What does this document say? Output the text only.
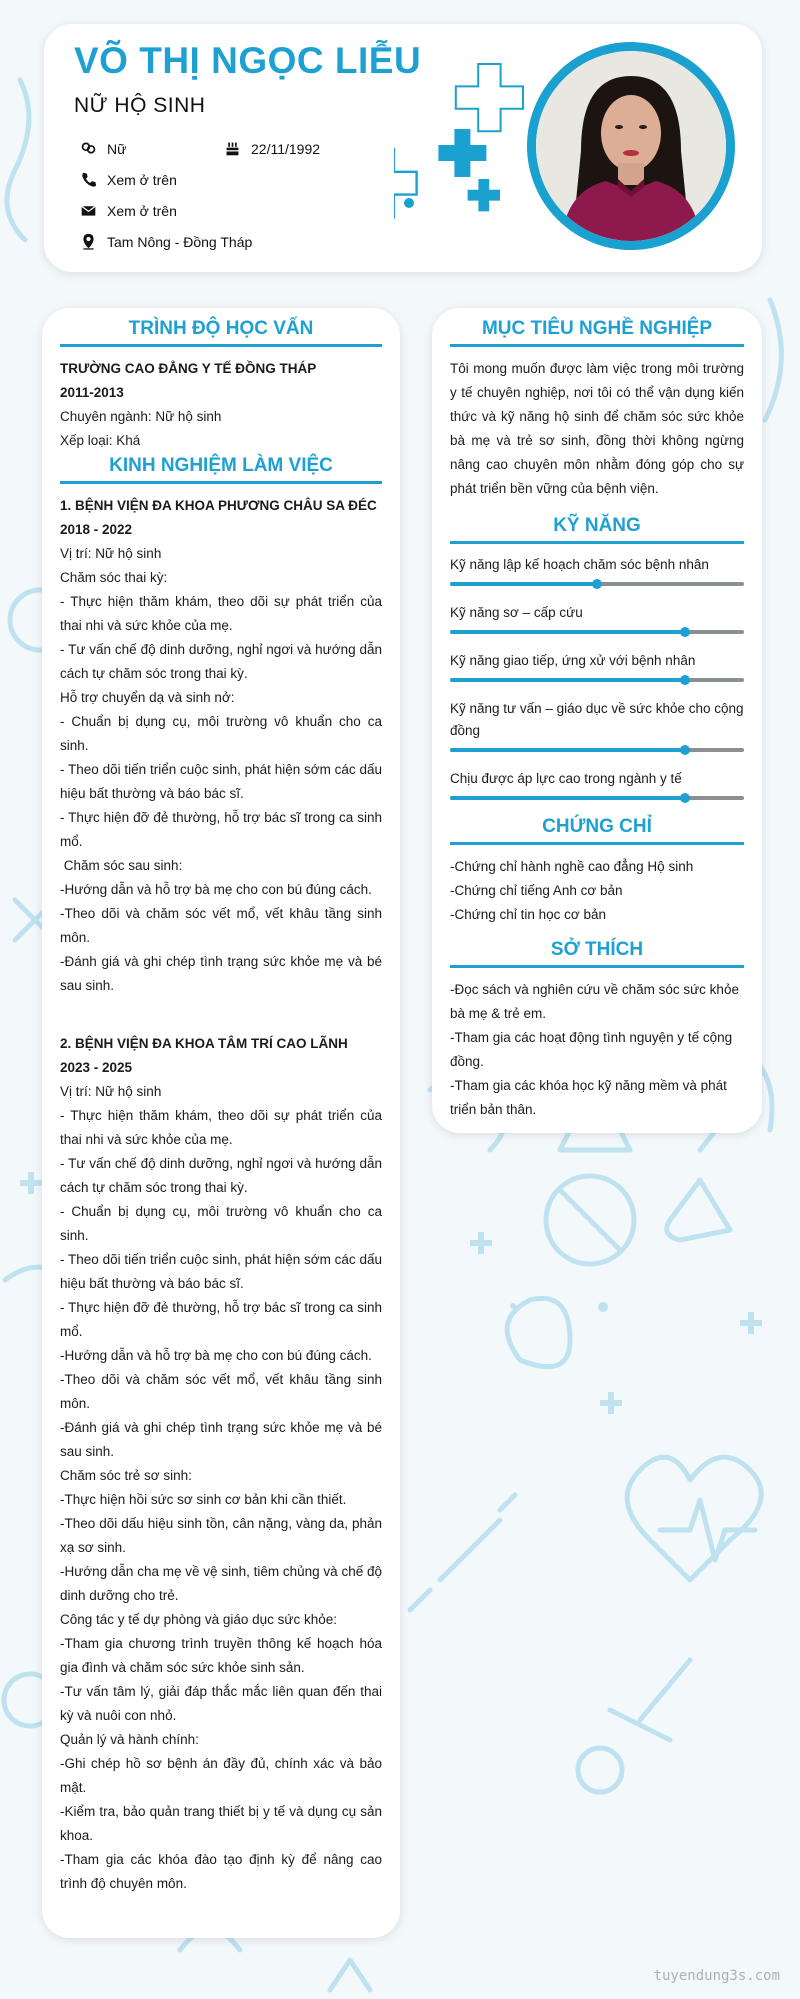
VÕ THỊ NGỌC LIỄU
NỮ HỘ SINH
Nữ	22/11/1992
Xem ở trên
Xem ở trên
Tam Nông - Đồng Tháp
TRÌNH ĐỘ HỌC VẤN
TRƯỜNG CAO ĐẲNG Y TẾ ĐỒNG THÁP
2011-2013
Chuyên ngành: Nữ hộ sinh
Xếp loại: Khá
KINH NGHIỆM LÀM VIỆC
1. BỆNH VIỆN ĐA KHOA PHƯƠNG CHÂU SA ĐÉC
2018 - 2022
Vị trí: Nữ hộ sinh
Chăm sóc thai kỳ:
- Thực hiện thăm khám, theo dõi sự phát triển của thai nhi và sức khỏe của mẹ.
- Tư vấn chế độ dinh dưỡng, nghỉ ngơi và hướng dẫn cách tự chăm sóc trong thai kỳ.
Hỗ trợ chuyển dạ và sinh nở:
- Chuẩn bị dụng cụ, môi trường vô khuẩn cho ca sinh.
- Theo dõi tiến triển cuộc sinh, phát hiện sớm các dấu hiệu bất thường và báo bác sĩ.
- Thực hiện đỡ đẻ thường, hỗ trợ bác sĩ trong ca sinh mổ.
Chăm sóc sau sinh:
-Hướng dẫn và hỗ trợ bà mẹ cho con bú đúng cách.
-Theo dõi và chăm sóc vết mổ, vết khâu tầng sinh môn.
-Đánh giá và ghi chép tình trạng sức khỏe mẹ và bé sau sinh.
2. BỆNH VIỆN ĐA KHOA TÂM TRÍ CAO LÃNH
2023 - 2025
Vị trí: Nữ hộ sinh
- Thực hiện thăm khám, theo dõi sự phát triển của thai nhi và sức khỏe của mẹ.
- Tư vấn chế độ dinh dưỡng, nghỉ ngơi và hướng dẫn cách tự chăm sóc trong thai kỳ.
- Chuẩn bị dụng cụ, môi trường vô khuẩn cho ca sinh.
- Theo dõi tiến triển cuộc sinh, phát hiện sớm các dấu hiệu bất thường và báo bác sĩ.
- Thực hiện đỡ đẻ thường, hỗ trợ bác sĩ trong ca sinh mổ.
-Hướng dẫn và hỗ trợ bà mẹ cho con bú đúng cách.
-Theo dõi và chăm sóc vết mổ, vết khâu tầng sinh môn.
-Đánh giá và ghi chép tình trạng sức khỏe mẹ và bé sau sinh.
Chăm sóc trẻ sơ sinh:
-Thực hiện hồi sức sơ sinh cơ bản khi cần thiết.
-Theo dõi dấu hiệu sinh tồn, cân nặng, vàng da, phản xạ sơ sinh.
-Hướng dẫn cha mẹ về vệ sinh, tiêm chủng và chế độ dinh dưỡng cho trẻ.
Công tác y tế dự phòng và giáo dục sức khỏe:
-Tham gia chương trình truyền thông kế hoạch hóa gia đình và chăm sóc sức khỏe sinh sản.
-Tư vấn tâm lý, giải đáp thắc mắc liên quan đến thai kỳ và nuôi con nhỏ.
Quản lý và hành chính:
-Ghi chép hồ sơ bệnh án đầy đủ, chính xác và bảo mật.
-Kiểm tra, bảo quản trang thiết bị y tế và dụng cụ sản khoa.
-Tham gia các khóa đào tạo định kỳ để nâng cao trình độ chuyên môn.
MỤC TIÊU NGHỀ NGHIỆP
Tôi mong muốn được làm việc trong môi trường y tế chuyên nghiệp, nơi tôi có thể vận dụng kiến thức và kỹ năng hộ sinh để chăm sóc sức khỏe bà mẹ và trẻ sơ sinh, đồng thời không ngừng nâng cao chuyên môn nhằm đóng góp cho sự phát triển bền vững của bệnh viện.
KỸ NĂNG
Kỹ năng lập kế hoạch chăm sóc bệnh nhân
Kỹ năng sơ – cấp cứu
Kỹ năng giao tiếp, ứng xử với bệnh nhân
Kỹ năng tư vấn – giáo dục về sức khỏe cho cộng đồng
Chịu được áp lực cao trong ngành y tế
CHỨNG CHỈ
-Chứng chỉ hành nghề cao đẳng Hộ sinh
-Chứng chỉ tiếng Anh cơ bản
-Chứng chỉ tin học cơ bản
SỞ THÍCH
-Đọc sách và nghiên cứu về chăm sóc sức khỏe bà mẹ & trẻ em.
-Tham gia các hoạt động tình nguyện y tế cộng đồng.
-Tham gia các khóa học kỹ năng mềm và phát triển bản thân.
tuyendung3s.com
